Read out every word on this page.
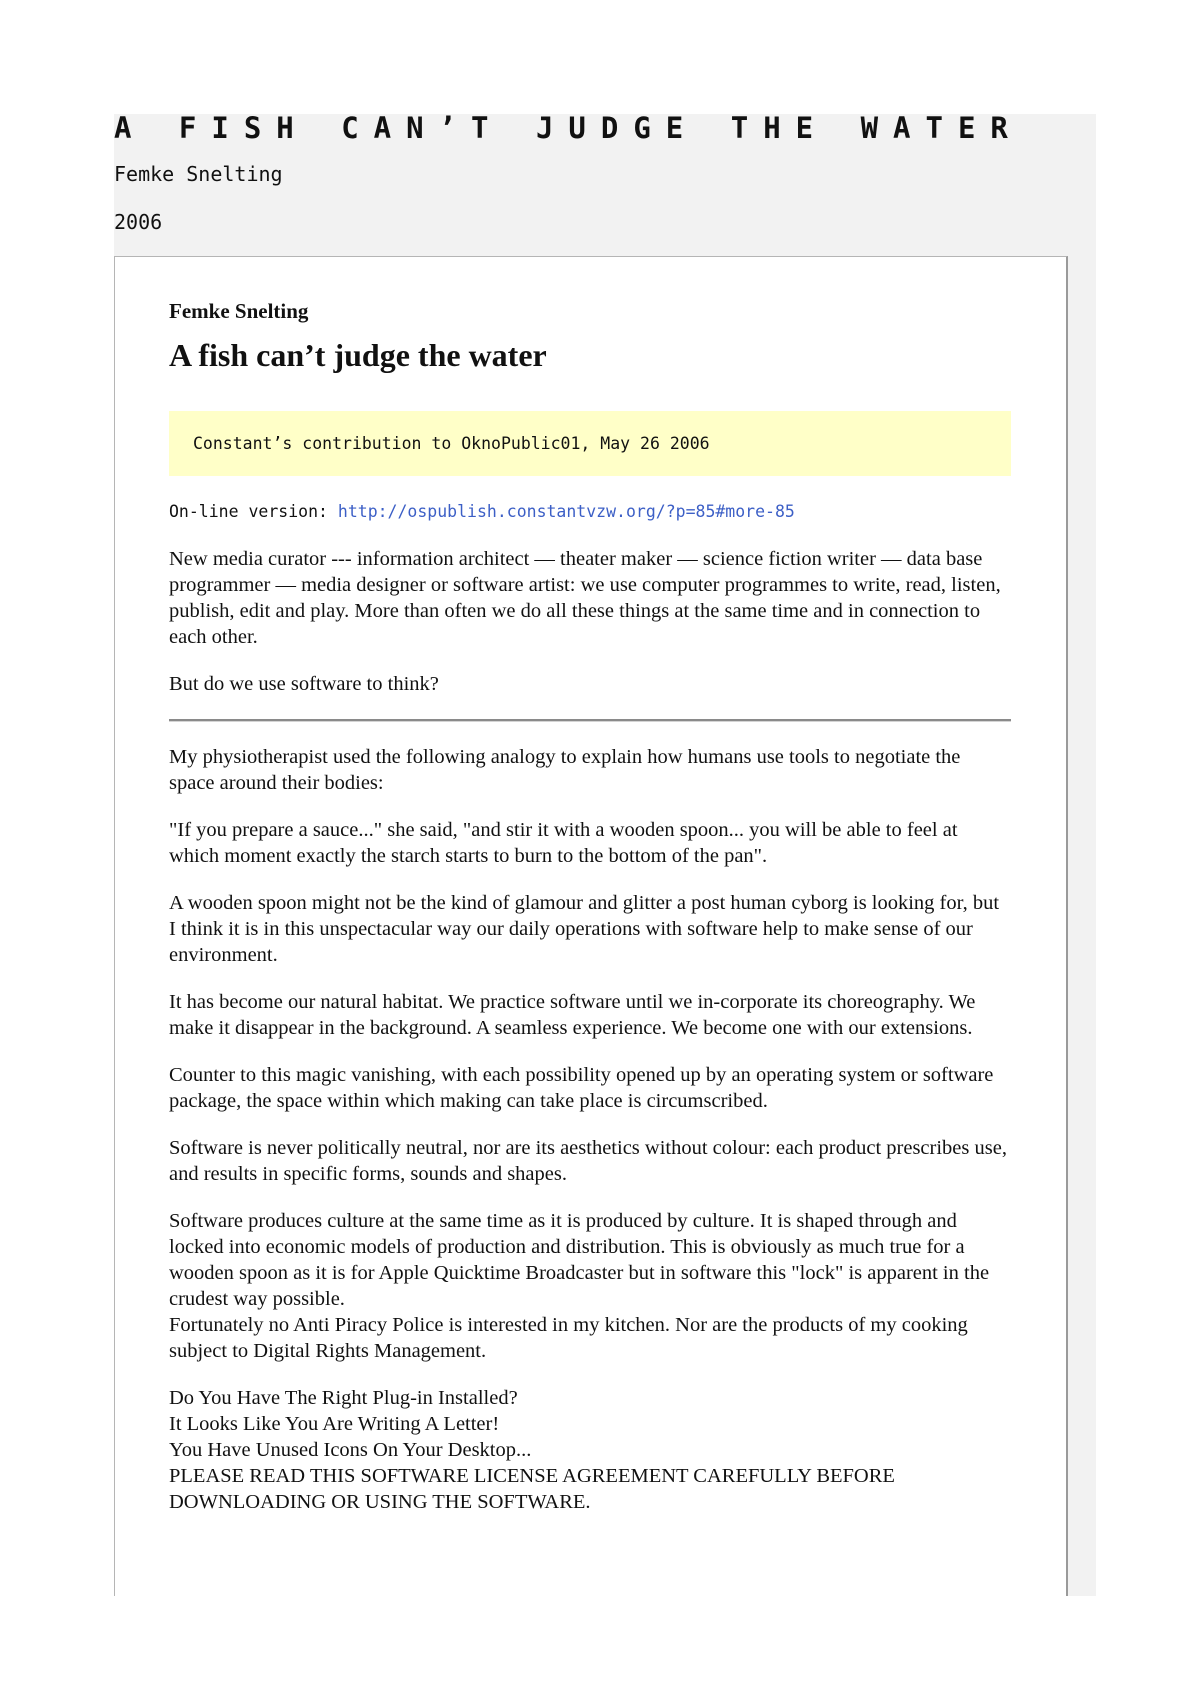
A FISH CAN’T JUDGE THE WATER
Femke Snelting
2006

Femke Snelting

A fish can’t judge the water
Constant’s contribution to OknoPublic01, May 26 2006
On-line version: http://ospublish.constantvzw.org/?p=85#more-85

New media curator --- information architect — theater maker — science fiction writer — data base programmer — media designer or software artist: we use computer programmes to write, read, listen, publish, edit and play. More than often we do all these things at the same time and in connection to each other.

But do we use software to think?

My physiotherapist used the following analogy to explain how humans use tools to negotiate the space around their bodies:

"If you prepare a sauce..." she said, "and stir it with a wooden spoon... you will be able to feel at which moment exactly the starch starts to burn to the bottom of the pan".

A wooden spoon might not be the kind of glamour and glitter a post human cyborg is looking for, but I think it is in this unspectacular way our daily operations with software help to make sense of our environment.

It has become our natural habitat. We practice software until we in-corporate its choreography. We make it disappear in the background. A seamless experience. We become one with our extensions.

Counter to this magic vanishing, with each possibility opened up by an operating system or software package, the space within which making can take place is circumscribed.

Software is never politically neutral, nor are its aesthetics without colour: each product prescribes use, and results in specific forms, sounds and shapes.

Software produces culture at the same time as it is produced by culture. It is shaped through and locked into economic models of production and distribution. This is obviously as much true for a wooden spoon as it is for Apple Quicktime Broadcaster but in software this "lock" is apparent in the crudest way possible.
Fortunately no Anti Piracy Police is interested in my kitchen. Nor are the products of my cooking subject to Digital Rights Management.

Do You Have The Right Plug-in Installed?
It Looks Like You Are Writing A Letter!
You Have Unused Icons On Your Desktop...
PLEASE READ THIS SOFTWARE LICENSE AGREEMENT CAREFULLY BEFORE DOWNLOADING OR USING THE SOFTWARE.
